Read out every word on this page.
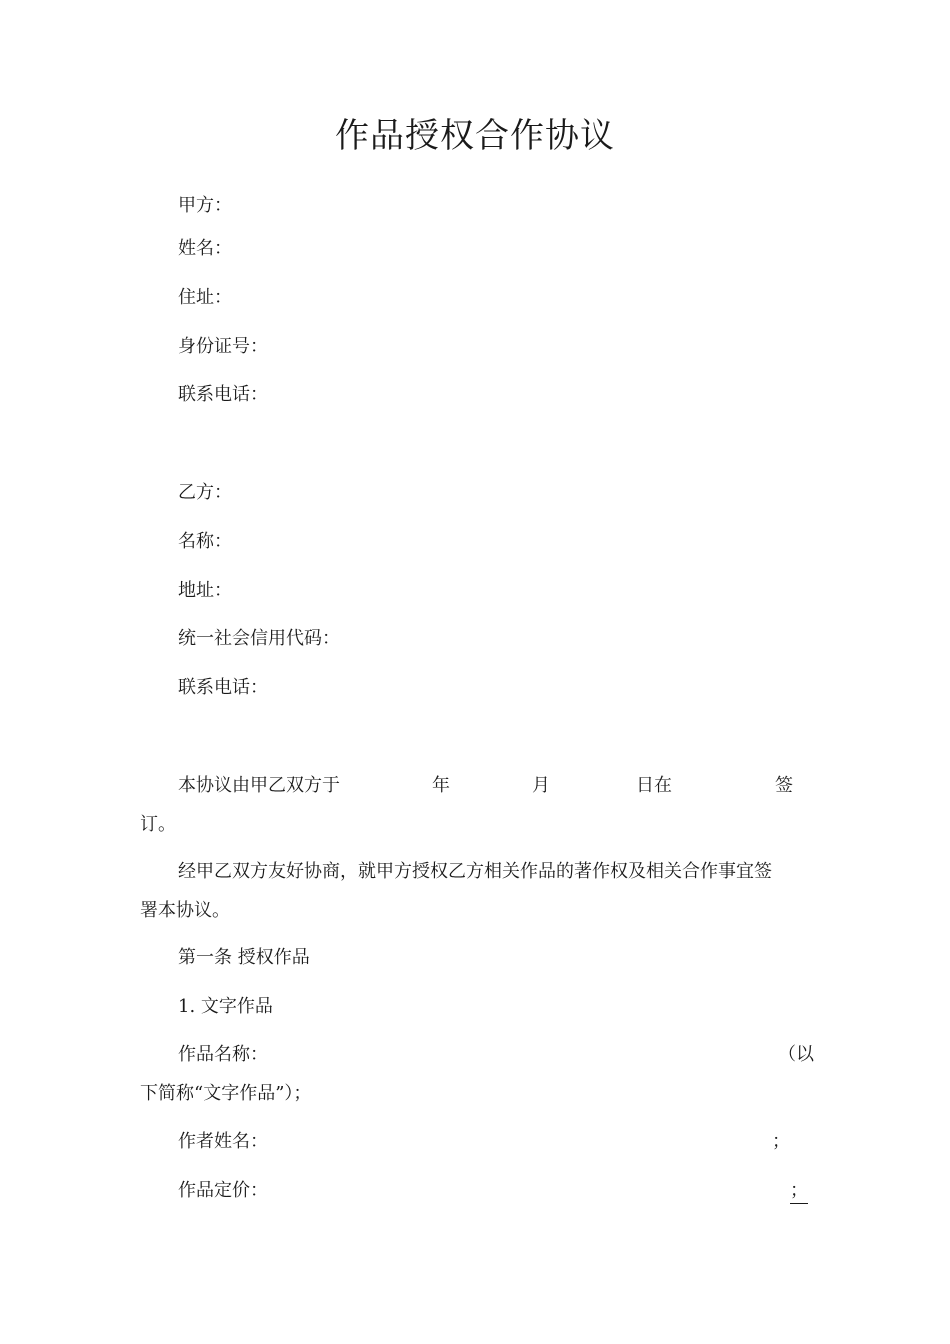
作品授权合作协议
甲方：
姓名：
住址：
身份证号：
联系电话：
乙方：
名称：
地址：
统一社会信用代码：
联系电话：
本协议由甲乙双方于	年	月	日在	签
订。
经甲乙双方友好协商，就甲方授权乙方相关作品的著作权及相关合作事宜签
署本协议。
第一条 授权作品
1. 文字作品
作品名称：	（以
下简称“文字作品”）；
作者姓名：	；
作品定价：	；
